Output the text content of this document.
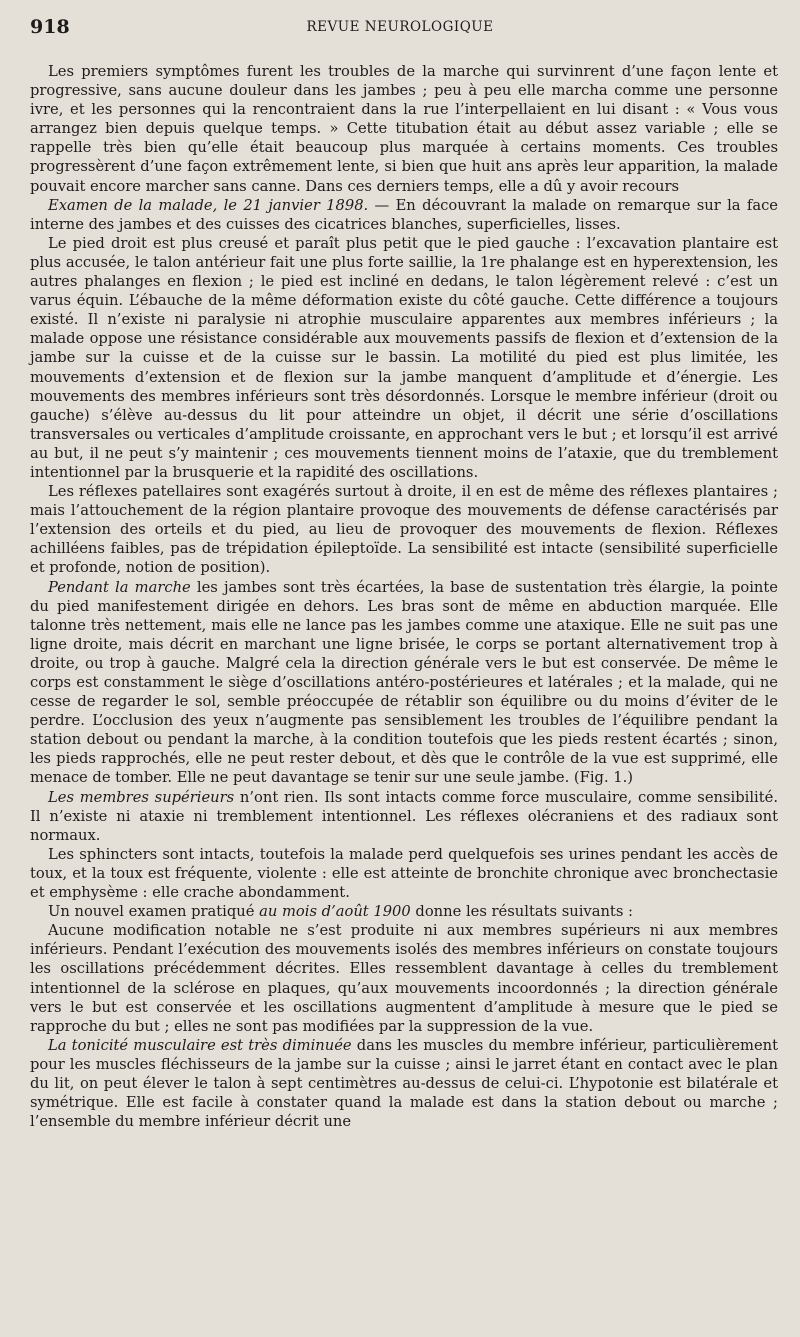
918	REVUE NEUROLOGIQUE

Les premiers symptômes furent les troubles de la marche qui survinrent d’une façon lente et progressive, sans aucune douleur dans les jambes ; peu à peu elle marcha comme une personne ivre, et les personnes qui la rencontraient dans la rue l’interpellaient en lui disant : « Vous vous arrangez bien depuis quelque temps. » Cette titubation était au début assez variable ; elle se rappelle très bien qu’elle était beaucoup plus marquée à certains moments. Ces troubles progressèrent d’une façon extrêmement lente, si bien que huit ans après leur apparition, la malade pouvait encore marcher sans canne. Dans ces derniers temps, elle a dû y avoir recours

Examen de la malade, le 21 janvier 1898. — En découvrant la malade on remarque sur la face interne des jambes et des cuisses des cicatrices blanches, superficielles, lisses.

Le pied droit est plus creusé et paraît plus petit que le pied gauche : l’excavation plantaire est plus accusée, le talon antérieur fait une plus forte saillie, la 1re phalange est en hyperextension, les autres phalanges en flexion ; le pied est incliné en dedans, le talon légèrement relevé : c’est un varus équin. L’ébauche de la même déformation existe du côté gauche. Cette différence a toujours existé. Il n’existe ni paralysie ni atrophie musculaire apparentes aux membres inférieurs ; la malade oppose une résistance considérable aux mouvements passifs de flexion et d’extension de la jambe sur la cuisse et de la cuisse sur le bassin. La motilité du pied est plus limitée, les mouvements d’extension et de flexion sur la jambe manquent d’amplitude et d’énergie. Les mouvements des membres inférieurs sont très désordonnés. Lorsque le membre inférieur (droit ou gauche) s’élève au-dessus du lit pour atteindre un objet, il décrit une série d’oscillations transversales ou verticales d’amplitude croissante, en approchant vers le but ; et lorsqu’il est arrivé au but, il ne peut s’y maintenir ; ces mouvements tiennent moins de l’ataxie, que du tremblement intentionnel par la brusquerie et la rapidité des oscillations.

Les réflexes patellaires sont exagérés surtout à droite, il en est de même des réflexes plantaires ; mais l’attouchement de la région plantaire provoque des mouvements de défense caractérisés par l’extension des orteils et du pied, au lieu de provoquer des mouvements de flexion. Réflexes achilléens faibles, pas de trépidation épileptoïde. La sensibilité est intacte (sensibilité superficielle et profonde, notion de position).

Pendant la marche les jambes sont très écartées, la base de sustentation très élargie, la pointe du pied manifestement dirigée en dehors. Les bras sont de même en abduction marquée. Elle talonne très nettement, mais elle ne lance pas les jambes comme une ataxique. Elle ne suit pas une ligne droite, mais décrit en marchant une ligne brisée, le corps se portant alternativement trop à droite, ou trop à gauche. Malgré cela la direction générale vers le but est conservée. De même le corps est constamment le siège d’oscillations antéro-postérieures et latérales ; et la malade, qui ne cesse de regarder le sol, semble préoccupée de rétablir son équilibre ou du moins d’éviter de le perdre. L’occlusion des yeux n’augmente pas sensiblement les troubles de l’équilibre pendant la station debout ou pendant la marche, à la condition toutefois que les pieds restent écartés ; sinon, les pieds rapprochés, elle ne peut rester debout, et dès que le contrôle de la vue est supprimé, elle menace de tomber. Elle ne peut davantage se tenir sur une seule jambe. (Fig. 1.)

Les membres supérieurs n’ont rien. Ils sont intacts comme force musculaire, comme sensibilité. Il n’existe ni ataxie ni tremblement intentionnel. Les réflexes olécraniens et des radiaux sont normaux.

Les sphincters sont intacts, toutefois la malade perd quelquefois ses urines pendant les accès de toux, et la toux est fréquente, violente : elle est atteinte de bronchite chronique avec bronchectasie et emphysème : elle crache abondamment.

Un nouvel examen pratiqué au mois d’août 1900 donne les résultats suivants :

Aucune modification notable ne s’est produite ni aux membres supérieurs ni aux membres inférieurs. Pendant l’exécution des mouvements isolés des membres inférieurs on constate toujours les oscillations précédemment décrites. Elles ressemblent davantage à celles du tremblement intentionnel de la sclérose en plaques, qu’aux mouvements incoordonnés ; la direction générale vers le but est conservée et les oscillations augmentent d’amplitude à mesure que le pied se rapproche du but ; elles ne sont pas modifiées par la suppression de la vue.

La tonicité musculaire est très diminuée dans les muscles du membre inférieur, particulièrement pour les muscles fléchisseurs de la jambe sur la cuisse ; ainsi le jarret étant en contact avec le plan du lit, on peut élever le talon à sept centimètres au-dessus de celui-ci. L’hypotonie est bilatérale et symétrique. Elle est facile à constater quand la malade est dans la station debout ou marche ; l’ensemble du membre inférieur décrit une
